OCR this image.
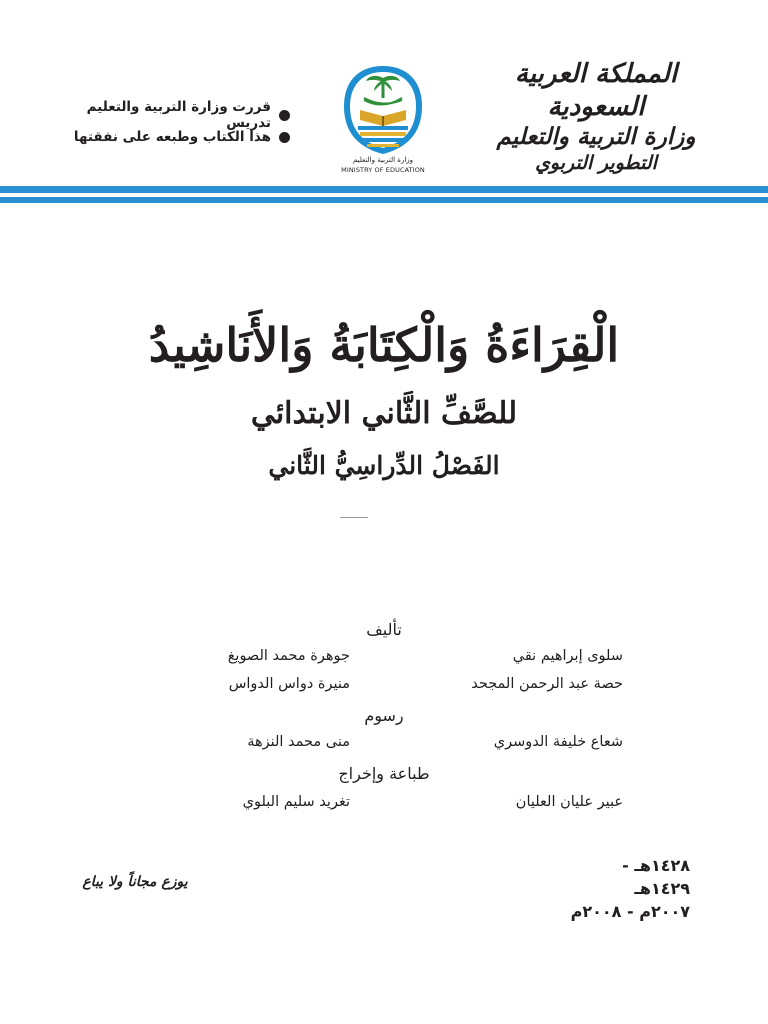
المملكة العربية السعودية
وزارة التربية والتعليم
التطوير التربوي
وزارة التربية والتعليم
MINISTRY OF EDUCATION
قررت وزارة التربية والتعليم تدريس
هذا الكتاب وطبعه على نفقتها
الْقِرَاءَةُ وَالْكِتَابَةُ وَالأَنَاشِيدُ
للصَّفِّ الثَّاني الابتدائي
الفَصْلُ الدِّراسِيُّ الثَّاني
تأليف
سلوى إبراهيم نقي
جوهرة محمد الصويغ
حصة عبد الرحمن المجحد
منيرة دواس الدواس
رسوم
شعاع خليفة الدوسري
منى محمد النزهة
طباعة وإخراج
عبير عليان العليان
تغريد سليم البلوي
١٤٢٨هـ - ١٤٢٩هـ
٢٠٠٧م - ٢٠٠٨م
يوزع مجاناً ولا يباع
